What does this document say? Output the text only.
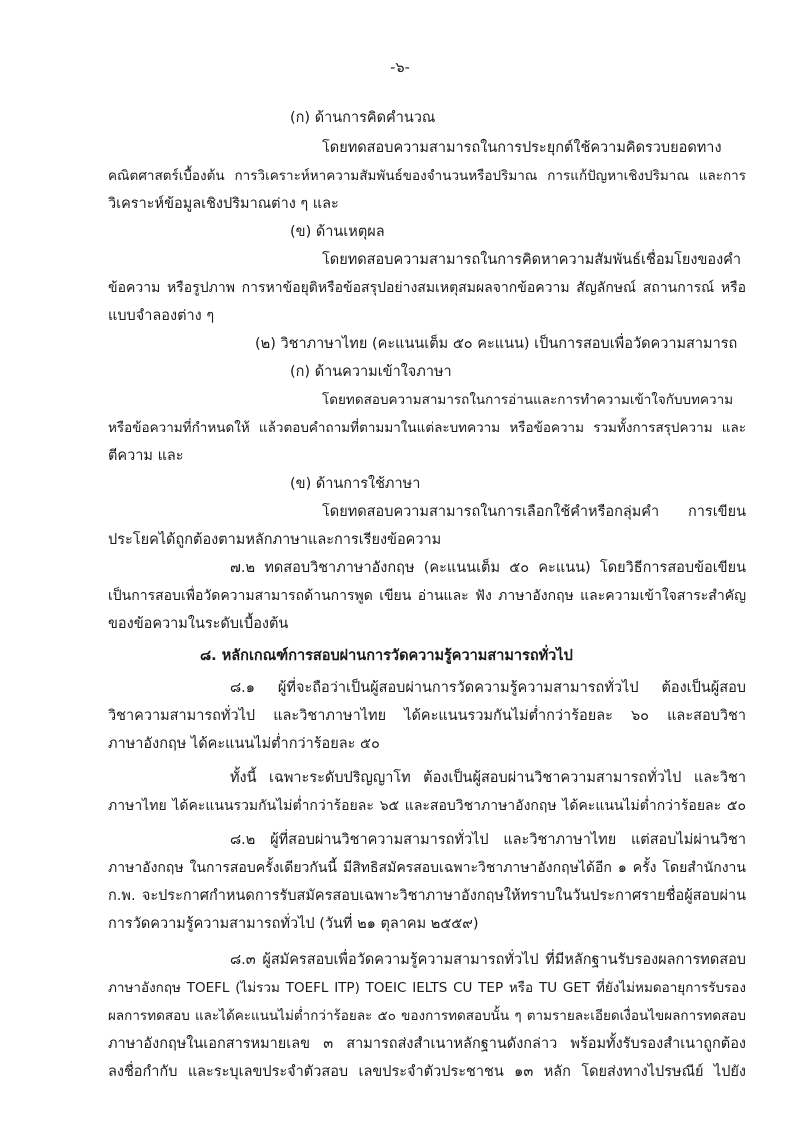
-๖-
(ก) ด้านการคิดคำนวณ
โดยทดสอบความสามารถในการประยุกต์ใช้ความคิดรวบยอดทาง
คณิตศาสตร์เบื้องต้น การวิเคราะห์หาความสัมพันธ์ของจำนวนหรือปริมาณ การแก้ปัญหาเชิงปริมาณ และการ
วิเคราะห์ข้อมูลเชิงปริมาณต่าง ๆ และ
(ข) ด้านเหตุผล
โดยทดสอบความสามารถในการคิดหาความสัมพันธ์เชื่อมโยงของคำ
ข้อความ หรือรูปภาพ การหาข้อยุติหรือข้อสรุปอย่างสมเหตุสมผลจากข้อความ สัญลักษณ์ สถานการณ์ หรือ
แบบจำลองต่าง ๆ
(๒) วิชาภาษาไทย (คะแนนเต็ม ๕๐ คะแนน) เป็นการสอบเพื่อวัดความสามารถ
(ก) ด้านความเข้าใจภาษา
โดยทดสอบความสามารถในการอ่านและการทำความเข้าใจกับบทความ
หรือข้อความที่กำหนดให้ แล้วตอบคำถามที่ตามมาในแต่ละบทความ หรือข้อความ รวมทั้งการสรุปความ และ
ตีความ และ
(ข) ด้านการใช้ภาษา
โดยทดสอบความสามารถในการเลือกใช้คำหรือกลุ่มคำ การเขียน
ประโยคได้ถูกต้องตามหลักภาษาและการเรียงข้อความ
๗.๒ ทดสอบวิชาภาษาอังกฤษ (คะแนนเต็ม ๕๐ คะแนน) โดยวิธีการสอบข้อเขียน
เป็นการสอบเพื่อวัดความสามารถด้านการพูด เขียน อ่านและ ฟัง ภาษาอังกฤษ และความเข้าใจสาระสำคัญ
ของข้อความในระดับเบื้องต้น
๘. หลักเกณฑ์การสอบผ่านการวัดความรู้ความสามารถทั่วไป
๘.๑ ผู้ที่จะถือว่าเป็นผู้สอบผ่านการวัดความรู้ความสามารถทั่วไป ต้องเป็นผู้สอบ
วิชาความสามารถทั่วไป และวิชาภาษาไทย ได้คะแนนรวมกันไม่ต่ำกว่าร้อยละ ๖๐ และสอบวิชา
ภาษาอังกฤษ ได้คะแนนไม่ต่ำกว่าร้อยละ ๕๐
ทั้งนี้ เฉพาะระดับปริญญาโท ต้องเป็นผู้สอบผ่านวิชาความสามารถทั่วไป และวิชา
ภาษาไทย ได้คะแนนรวมกันไม่ต่ำกว่าร้อยละ ๖๕ และสอบวิชาภาษาอังกฤษ ได้คะแนนไม่ต่ำกว่าร้อยละ ๕๐
๘.๒ ผู้ที่สอบผ่านวิชาความสามารถทั่วไป และวิชาภาษาไทย แต่สอบไม่ผ่านวิชา
ภาษาอังกฤษ ในการสอบครั้งเดียวกันนี้ มีสิทธิสมัครสอบเฉพาะวิชาภาษาอังกฤษได้อีก ๑ ครั้ง โดยสำนักงาน
ก.พ. จะประกาศกำหนดการรับสมัครสอบเฉพาะวิชาภาษาอังกฤษให้ทราบในวันประกาศรายชื่อผู้สอบผ่าน
การวัดความรู้ความสามารถทั่วไป (วันที่ ๒๑ ตุลาคม ๒๕๕๙)
๘.๓ ผู้สมัครสอบเพื่อวัดความรู้ความสามารถทั่วไป ที่มีหลักฐานรับรองผลการทดสอบ
ภาษาอังกฤษ TOEFL (ไม่รวม TOEFL ITP) TOEIC IELTS CU TEP หรือ TU GET ที่ยังไม่หมดอายุการรับรอง
ผลการทดสอบ และได้คะแนนไม่ต่ำกว่าร้อยละ ๕๐ ของการทดสอบนั้น ๆ ตามรายละเอียดเงื่อนไขผลการทดสอบ
ภาษาอังกฤษในเอกสารหมายเลข ๓ สามารถส่งสำเนาหลักฐานดังกล่าว พร้อมทั้งรับรองสำเนาถูกต้อง
ลงชื่อกำกับ และระบุเลขประจำตัวสอบ เลขประจำตัวประชาชน ๑๓ หลัก โดยส่งทางไปรษณีย์ ไปยัง
